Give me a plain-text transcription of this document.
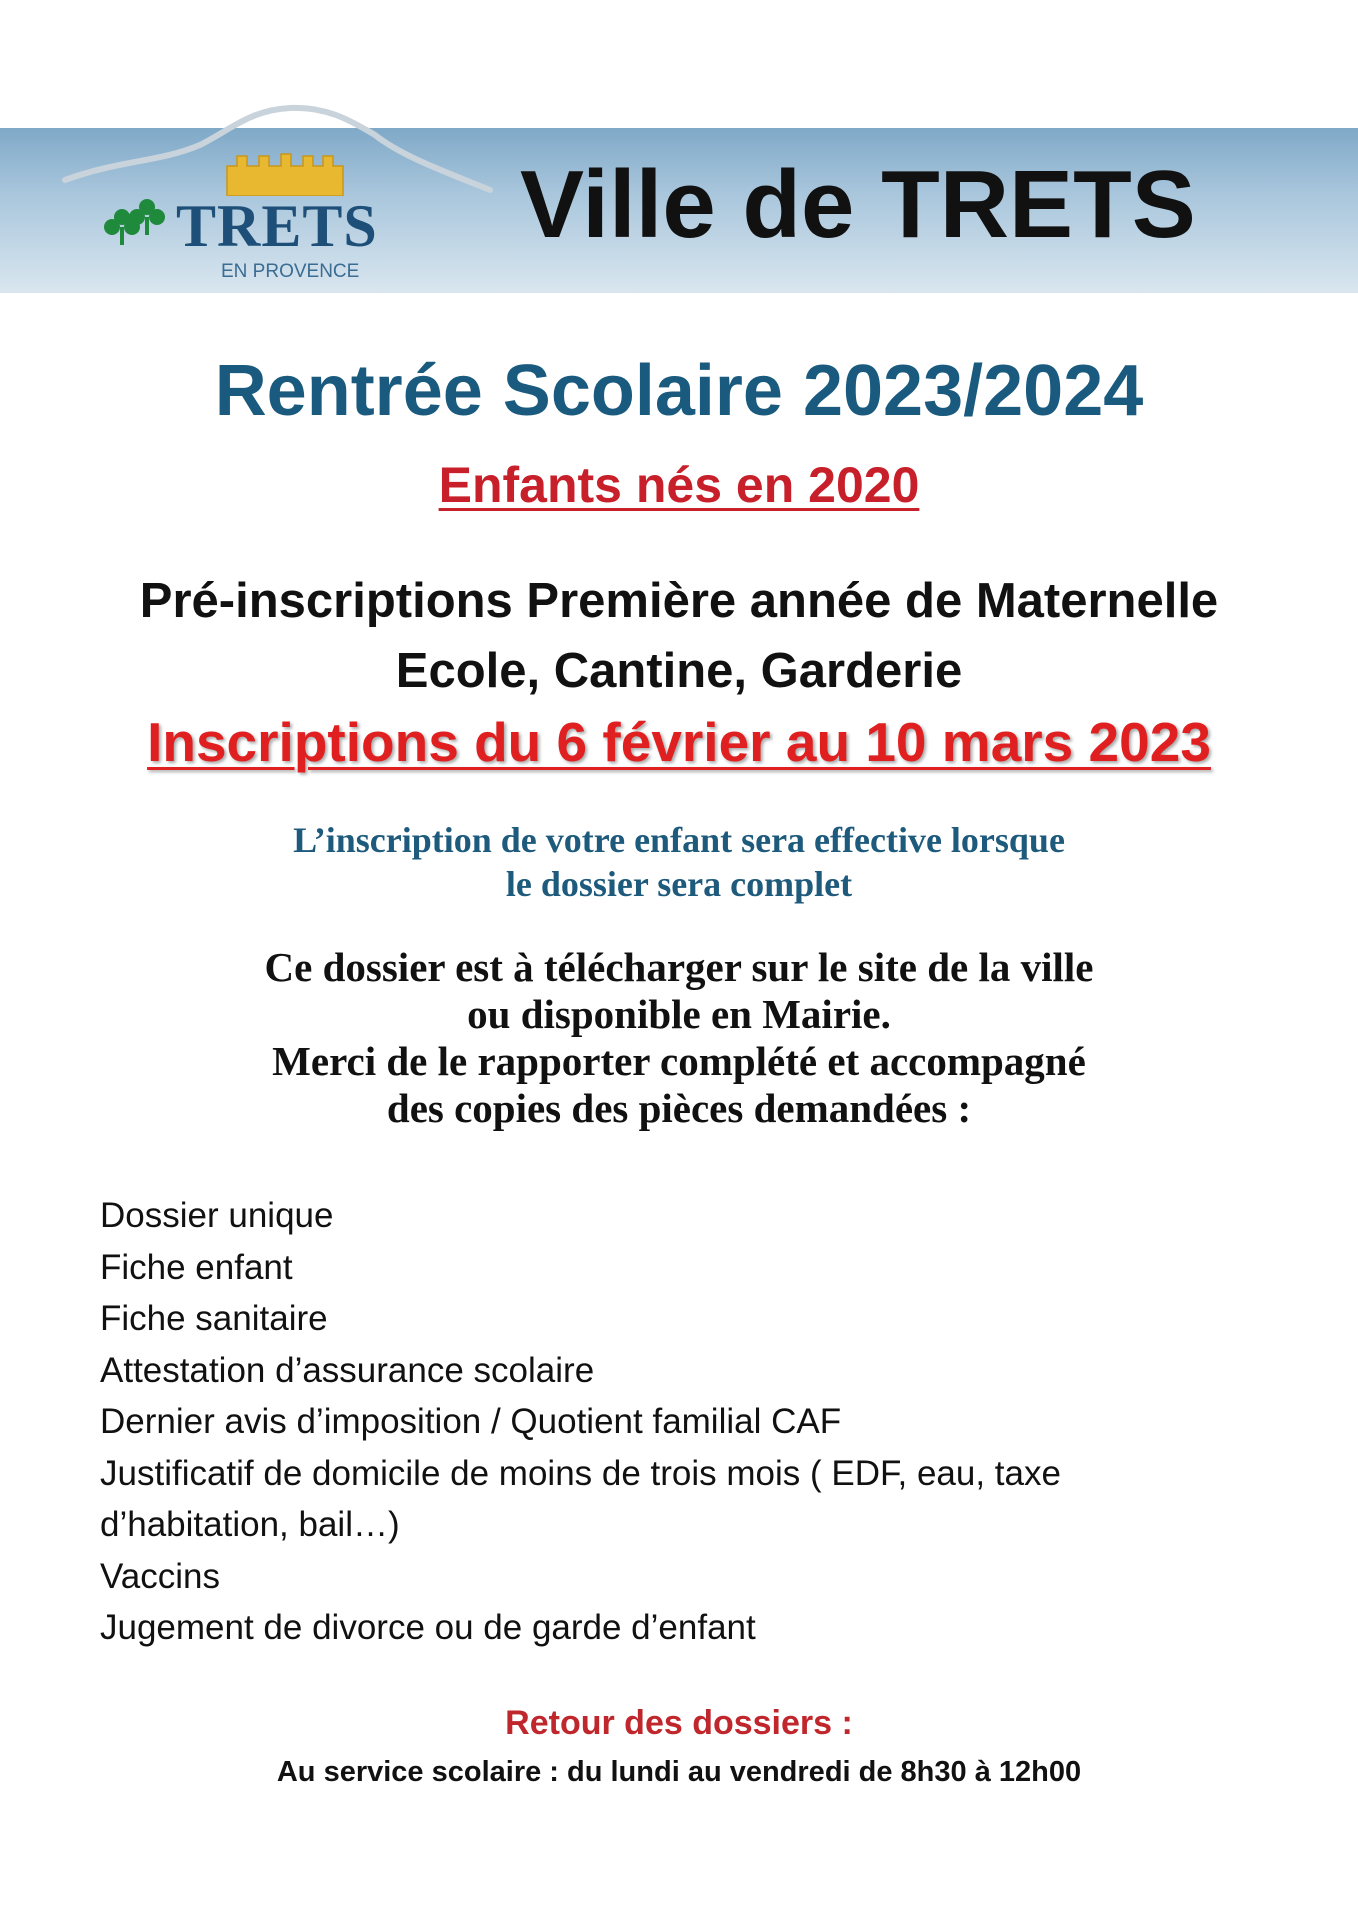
TRETS
EN PROVENCE
Ville de TRETS
Rentrée Scolaire 2023/2024
Enfants nés en 2020
Pré-inscriptions Première année de Maternelle
Ecole, Cantine, Garderie
Inscriptions du 6 février au 10 mars 2023
L’inscription de votre enfant sera effective lorsque
le dossier sera complet
Ce dossier est à télécharger sur le site de la ville
ou disponible en Mairie.
Merci de le rapporter complété et accompagné
des copies des pièces demandées :
Dossier unique
Fiche enfant
Fiche sanitaire
Attestation d’assurance scolaire
Dernier avis d’imposition / Quotient familial CAF
Justificatif de domicile de moins de trois mois ( EDF, eau, taxe
d’habitation, bail…)
Vaccins
Jugement de divorce ou de garde d’enfant
Retour des dossiers :
Au service scolaire : du lundi au vendredi de 8h30 à 12h00
